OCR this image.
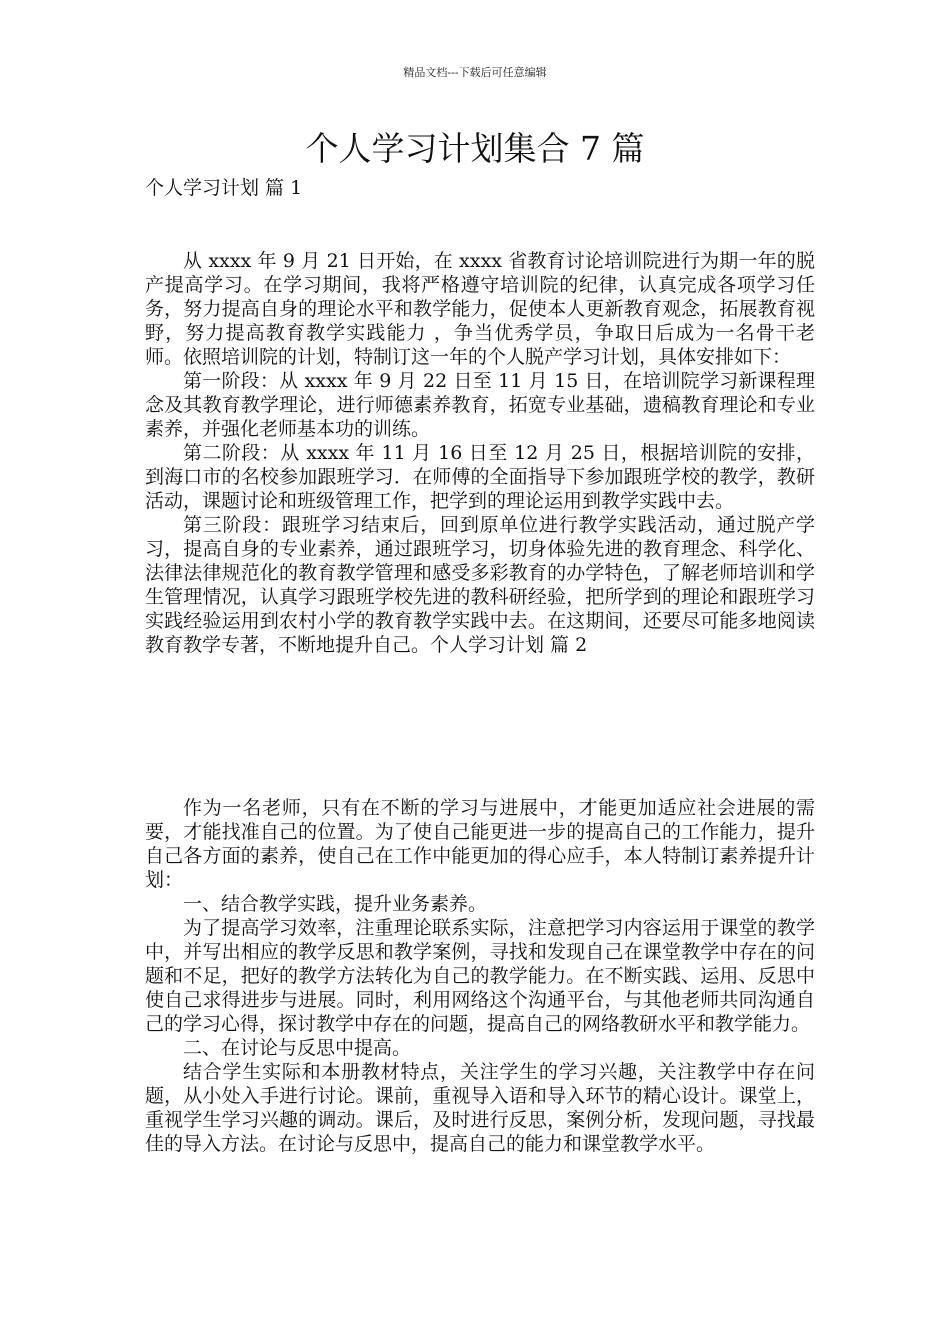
精品文档---下载后可任意编辑
个人学习计划集合 7 篇
个人学习计划 篇 1

从 xxxx 年 9 月 21 日开始，在 xxxx 省教育讨论培训院进行为期一年的脱产提高学习。在学习期间，我将严格遵守培训院的纪律，认真完成各项学习任务，努力提高自身的理论水平和教学能力，促使本人更新教育观念，拓展教育视野，努力提高教育教学实践能力 ，争当优秀学员，争取日后成为一名骨干老师。依照培训院的计划，特制订这一年的个人脱产学习计划，具体安排如下：

第一阶段：从 xxxx 年 9 月 22 日至 11 月 15 日，在培训院学习新课程理念及其教育教学理论，进行师德素养教育，拓宽专业基础，遗稿教育理论和专业素养，并强化老师基本功的训练。

第二阶段：从 xxxx 年 11 月 16 日至 12 月 25 日，根据培训院的安排，到海口市的名校参加跟班学习．在师傅的全面指导下参加跟班学校的教学，教研活动，课题讨论和班级管理工作，把学到的理论运用到教学实践中去。

第三阶段：跟班学习结束后，回到原单位进行教学实践活动，通过脱产学习，提高自身的专业素养，通过跟班学习，切身体验先进的教育理念、科学化、法律法律规范化的教育教学管理和感受多彩教育的办学特色，了解老师培训和学生管理情况，认真学习跟班学校先进的教科研经验，把所学到的理论和跟班学习实践经验运用到农村小学的教育教学实践中去。在这期间，还要尽可能多地阅读教育教学专著，不断地提升自己。个人学习计划 篇 2

作为一名老师，只有在不断的学习与进展中，才能更加适应社会进展的需要，才能找准自己的位置。为了使自己能更进一步的提高自己的工作能力，提升自己各方面的素养，使自己在工作中能更加的得心应手，本人特制订素养提升计划：

一、结合教学实践，提升业务素养。

为了提高学习效率，注重理论联系实际，注意把学习内容运用于课堂的教学中，并写出相应的教学反思和教学案例，寻找和发现自己在课堂教学中存在的问题和不足，把好的教学方法转化为自己的教学能力。在不断实践、运用、反思中使自己求得进步与进展。同时，利用网络这个沟通平台，与其他老师共同沟通自己的学习心得，探讨教学中存在的问题，提高自己的网络教研水平和教学能力。

二、在讨论与反思中提高。

结合学生实际和本册教材特点，关注学生的学习兴趣，关注教学中存在问题，从小处入手进行讨论。课前，重视导入语和导入环节的精心设计。课堂上，重视学生学习兴趣的调动。课后，及时进行反思，案例分析，发现问题，寻找最佳的导入方法。在讨论与反思中，提高自己的能力和课堂教学水平。
